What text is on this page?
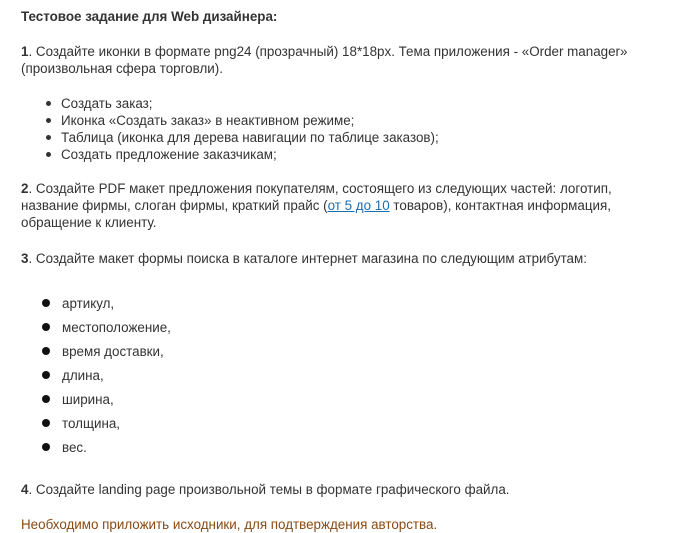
Тестовое задание для Web дизайнера:

1. Создайте иконки в формате png24 (прозрачный) 18*18px. Тема приложения - «Order manager» (произвольная сфера торговли).

Создать заказ;
Иконка «Создать заказ» в неактивном режиме;
Таблица (иконка для дерева навигации по таблице заказов);
Создать предложение заказчикам;

2. Создайте PDF макет предложения покупателям, состоящего из следующих частей: логотип, название фирмы, слоган фирмы, краткий прайс (от 5 до 10 товаров), контактная информация, обращение к клиенту.

3. Создайте макет формы поиска в каталоге интернет магазина по следующим атрибутам:

артикул,
местоположение,
время доставки,
длина,
ширина,
толщина,
вес.

4. Создайте landing page произвольной темы в формате графического файла.

Необходимо приложить исходники, для подтверждения авторства.
